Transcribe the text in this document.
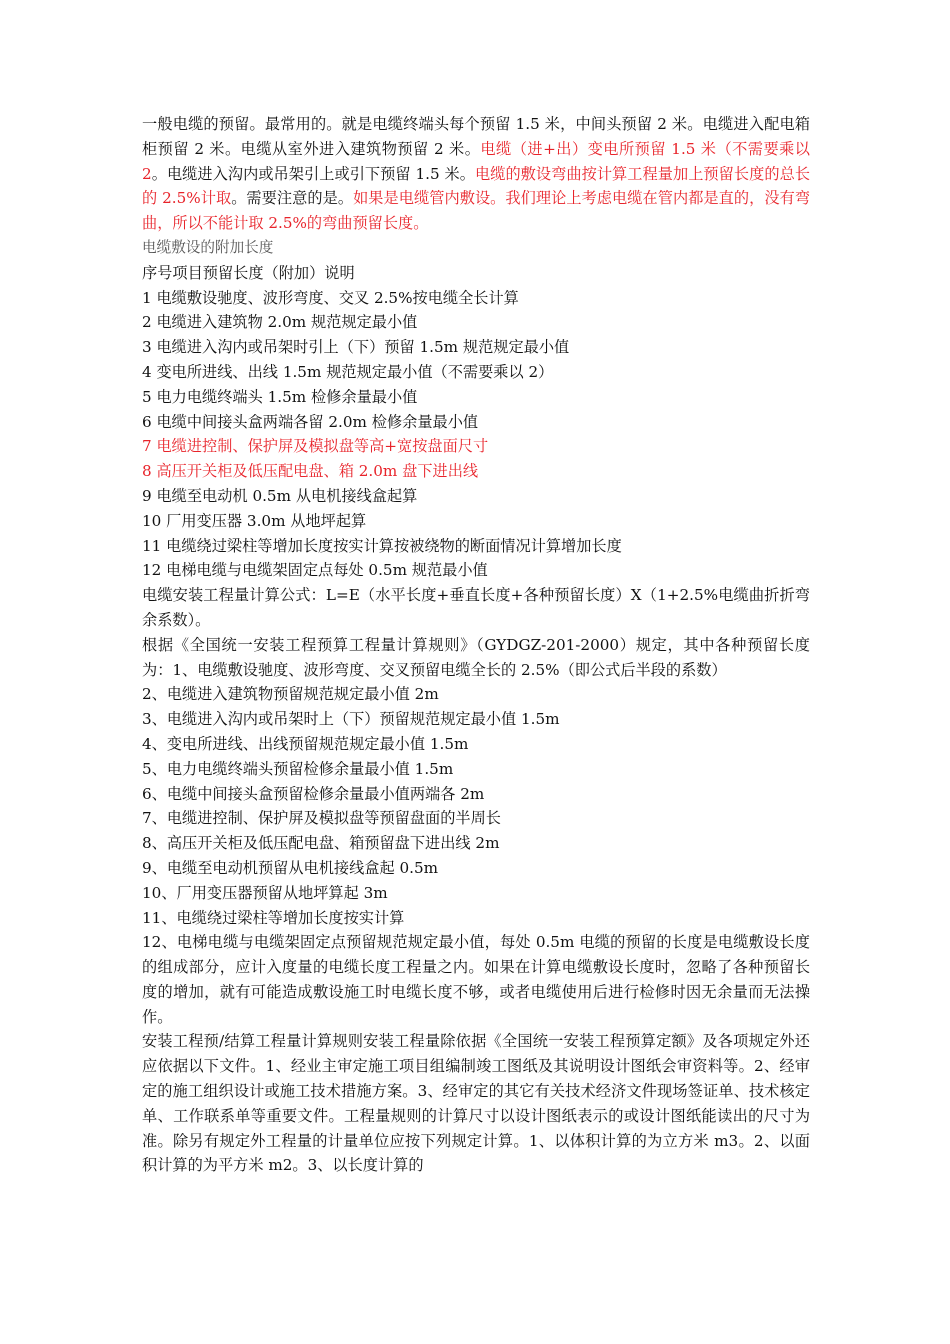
一般电缆的预留。最常用的。就是电缆终端头每个预留 1.5 米，中间头预留 2 米。电缆进入配电箱柜预留 2 米。电缆从室外进入建筑物预留 2 米。电缆（进+出）变电所预留 1.5 米（不需要乘以 2。电缆进入沟内或吊架引上或引下预留 1.5 米。电缆的敷设弯曲按计算工程量加上预留长度的总长的 2.5%计取。需要注意的是。如果是电缆管内敷设。我们理论上考虑电缆在管内都是直的，没有弯曲，所以不能计取 2.5%的弯曲预留长度。

电缆敷设的附加长度

序号项目预留长度（附加）说明

1 电缆敷设驰度、波形弯度、交叉 2.5%按电缆全长计算

2 电缆进入建筑物 2.0m 规范规定最小值

3 电缆进入沟内或吊架时引上（下）预留 1.5m 规范规定最小值

4 变电所进线、出线 1.5m 规范规定最小值（不需要乘以 2）

5 电力电缆终端头 1.5m 检修余量最小值

6 电缆中间接头盒两端各留 2.0m 检修余量最小值

7 电缆进控制、保护屏及模拟盘等高+宽按盘面尺寸

8 高压开关柜及低压配电盘、箱 2.0m 盘下进出线

9 电缆至电动机 0.5m 从电机接线盒起算

10 厂用变压器 3.0m 从地坪起算

11 电缆绕过梁柱等增加长度按实计算按被绕物的断面情况计算增加长度

12 电梯电缆与电缆架固定点每处 0.5m 规范最小值

电缆安装工程量计算公式：L=E（水平长度+垂直长度+各种预留长度）X（1+2.5%电缆曲折折弯余系数）。

根据《全国统一安装工程预算工程量计算规则》（GYDGZ-201-2000）规定，其中各种预留长度为：1、电缆敷设驰度、波形弯度、交叉预留电缆全长的 2.5%（即公式后半段的系数）

2、电缆进入建筑物预留规范规定最小值 2m

3、电缆进入沟内或吊架时上（下）预留规范规定最小值 1.5m

4、变电所进线、出线预留规范规定最小值 1.5m

5、电力电缆终端头预留检修余量最小值 1.5m

6、电缆中间接头盒预留检修余量最小值两端各 2m

7、电缆进控制、保护屏及模拟盘等预留盘面的半周长

8、高压开关柜及低压配电盘、箱预留盘下进出线 2m

9、电缆至电动机预留从电机接线盒起 0.5m

10、厂用变压器预留从地坪算起 3m

11、电缆绕过梁柱等增加长度按实计算

12、电梯电缆与电缆架固定点预留规范规定最小值，每处 0.5m 电缆的预留的长度是电缆敷设长度的组成部分，应计入度量的电缆长度工程量之内。如果在计算电缆敷设长度时，忽略了各种预留长度的增加，就有可能造成敷设施工时电缆长度不够，或者电缆使用后进行检修时因无余量而无法操作。

安装工程预/结算工程量计算规则安装工程量除依据《全国统一安装工程预算定额》及各项规定外还应依据以下文件。1、经业主审定施工项目组编制竣工图纸及其说明设计图纸会审资料等。2、经审定的施工组织设计或施工技术措施方案。3、经审定的其它有关技术经济文件现场签证单、技术核定单、工作联系单等重要文件。工程量规则的计算尺寸以设计图纸表示的或设计图纸能读出的尺寸为准。除另有规定外工程量的计量单位应按下列规定计算。1、以体积计算的为立方米 m3。2、以面积计算的为平方米 m2。3、以长度计算的
